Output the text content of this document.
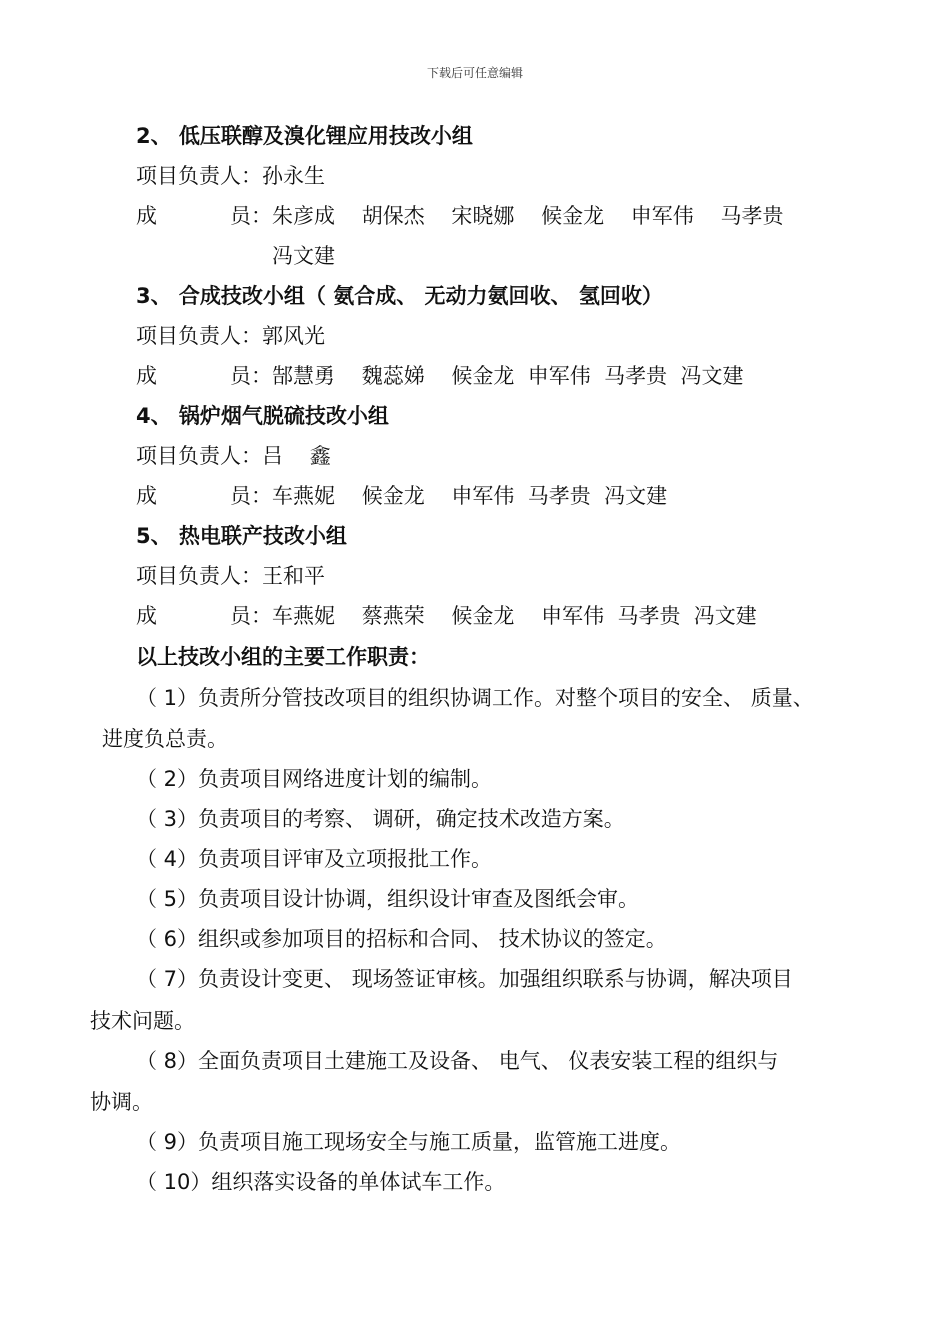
下载后可任意编辑
2、 低压联醇及溴化锂应用技改小组
项目负责人：孙永生
成	员：朱彦成    胡保杰    宋晓娜    候金龙    申军伟    马孝贵
冯文建
3、 合成技改小组（ 氨合成、 无动力氨回收、 氢回收）
项目负责人：郭风光
成	员：郜慧勇    魏蕊娣    候金龙  申军伟  马孝贵  冯文建
4、 锅炉烟气脱硫技改小组
项目负责人：吕    鑫
成	员：车燕妮    候金龙    申军伟  马孝贵  冯文建
5、 热电联产技改小组
项目负责人：王和平
成	员：车燕妮    蔡燕荣    候金龙    申军伟  马孝贵  冯文建
以上技改小组的主要工作职责：
（ 1）负责所分管技改项目的组织协调工作。对整个项目的安全、 质量、
进度负总责。
（ 2）负责项目网络进度计划的编制。
（ 3）负责项目的考察、 调研，确定技术改造方案。
（ 4）负责项目评审及立项报批工作。
（ 5）负责项目设计协调，组织设计审查及图纸会审。
（ 6）组织或参加项目的招标和合同、 技术协议的签定。
（ 7）负责设计变更、 现场签证审核。加强组织联系与协调，解决项目
技术问题。
（ 8）全面负责项目土建施工及设备、 电气、 仪表安装工程的组织与
协调。
（ 9）负责项目施工现场安全与施工质量，监管施工进度。
（ 10）组织落实设备的单体试车工作。
